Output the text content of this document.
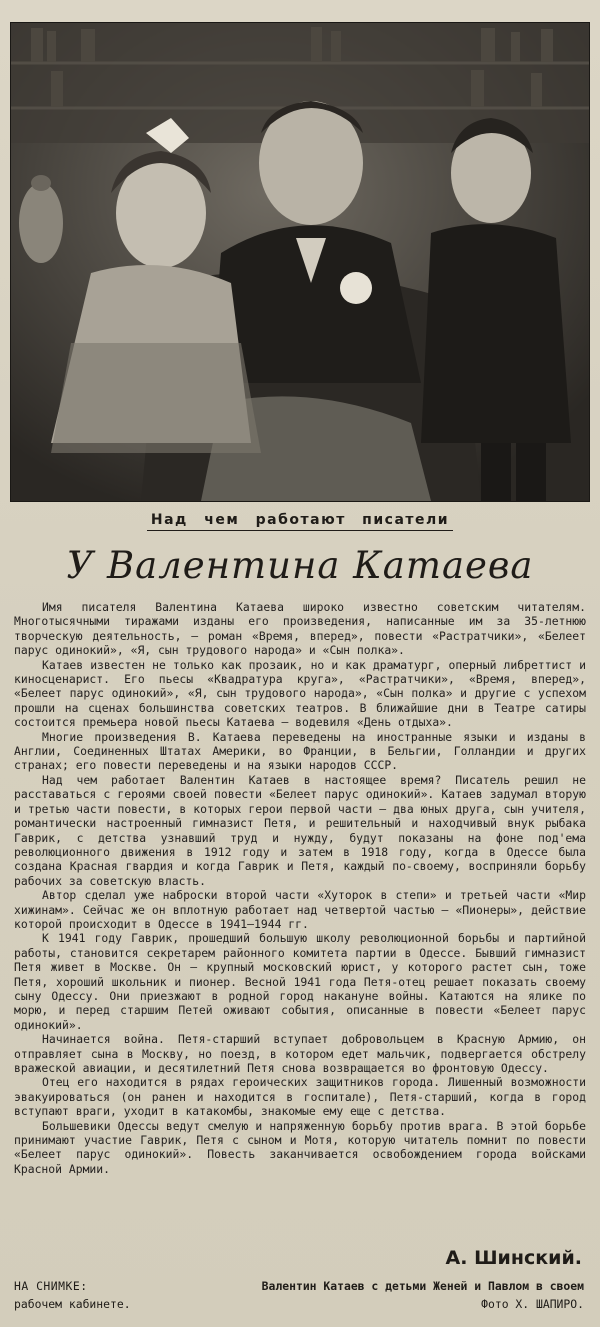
Над чем работают писатели
У Валентина Катаева

Имя писателя Валентина Катаева широко известно советским читателям. Многотысячными тиражами изданы его произведения, написанные им за 35-летнюю творческую деятельность, — роман «Время, вперед», повести «Растратчики», «Белеет парус одинокий», «Я, сын трудового народа» и «Сын полка».

Катаев известен не только как прозаик, но и как драматург, оперный либреттист и киносценарист. Его пьесы «Квадратура круга», «Растратчики», «Время, вперед», «Белеет парус одинокий», «Я, сын трудового народа», «Сын полка» и другие с успехом прошли на сценах большинства советских театров. В ближайшие дни в Театре сатиры состоится премьера новой пьесы Катаева — водевиля «День отдыха».

Многие произведения В. Катаева переведены на иностранные языки и изданы в Англии, Соединенных Штатах Америки, во Франции, в Бельгии, Голландии и других странах; его повести переведены и на языки народов СССР.

Над чем работает Валентин Катаев в настоящее время? Писатель решил не расставаться с героями своей повести «Белеет парус одинокий». Катаев задумал вторую и третью части повести, в которых герои первой части — два юных друга, сын учителя, романтически настроенный гимназист Петя, и решительный и находчивый внук рыбака Гаврик, с детства узнавший труд и нужду, будут показаны на фоне под'ема революционного движения в 1912 году и затем в 1918 году, когда в Одессе была создана Красная гвардия и когда Гаврик и Петя, каждый по-своему, восприняли борьбу рабочих за советскую власть.

Автор сделал уже наброски второй части «Хуторок в степи» и третьей части «Мир хижинам». Сейчас же он вплотную работает над четвертой частью — «Пионеры», действие которой происходит в Одессе в 1941—1944 гг.

К 1941 году Гаврик, прошедший большую школу революционной борьбы и партийной работы, становится секретарем районного комитета партии в Одессе. Бывший гимназист Петя живет в Москве. Он — крупный московский юрист, у которого растет сын, тоже Петя, хороший школьник и пионер. Весной 1941 года Петя-отец решает показать своему сыну Одессу. Они приезжают в родной город накануне войны. Катаются на ялике по морю, и перед старшим Петей оживают события, описанные в повести «Белеет парус одинокий».

Начинается война. Петя-старший вступает добровольцем в Красную Армию, он отправляет сына в Москву, но поезд, в котором едет мальчик, подвергается обстрелу вражеской авиации, и десятилетний Петя снова возвращается во фронтовую Одессу.

Отец его находится в рядах героических защитников города. Лишенный возможности эвакуироваться (он ранен и находится в госпитале), Петя-старший, когда в город вступают враги, уходит в катакомбы, знакомые ему еще с детства.

Большевики Одессы ведут смелую и напряженную борьбу против врага. В этой борьбе принимают участие Гаврик, Петя с сыном и Мотя, которую читатель помнит по повести «Белеет парус одинокий». Повесть заканчивается освобождением города войсками Красной Армии.

А. Шинский.
НА СНИМКЕ:	Валентин Катаев с детьми Женей и Павлом в своем
рабочем кабинете.	Фото Х. ШАПИРО.
